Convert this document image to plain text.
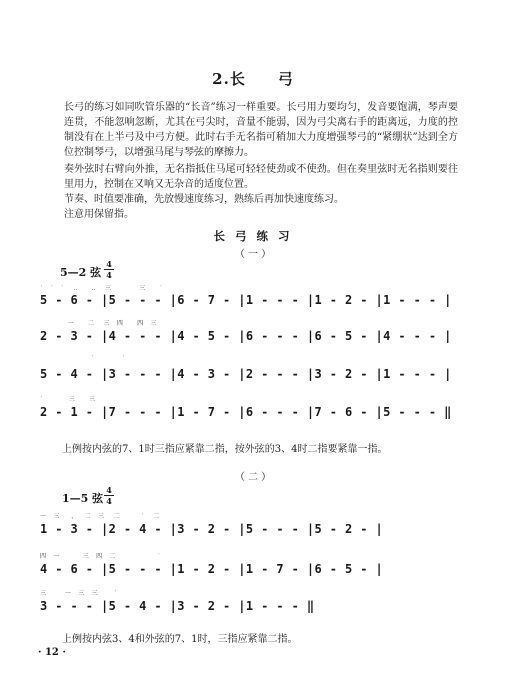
2.长　　弓
长弓的练习如同吹管乐器的“长音”练习一样重要。长弓用力要均匀，发音要饱满，琴声要连贯，不能忽响忽断，尤其在弓尖时，音量不能弱，因为弓尖离右手的距离远，力度的控制没有在上半弓及中弓方便。此时右手无名指可稍加大力度增强琴弓的“紧绷状”达到全方位控制琴弓，以增强马尾与琴弦的摩擦力。
奏外弦时右臂向外推，无名指抵住马尾可轻轻使劲或不使劲。但在奏里弦时无名指则要往里用力，控制在又响又无杂音的适度位置。
节奏、时值要准确，先放慢速度练习，熟练后再加快速度练习。
注意用保留指。
长 弓 练 习
（ 一 ）
5—2 弦
4
4
˙   ˙   ˙    ‥      ‥    三            三      ˙
5 - 6 - |5 - - - |6 - 7 - |1 - - - |1 - 2 - |1 - - - |
一      二    三   四      四   三
2 - 3 - |4 - - - |4 - 5 - |6 - - - |6 - 5 - |4 - - - |
˙            ˙
5 - 4 - |3 - - - |4 - 3 - |2 - - - |3 - 2 - |1 - - - |
˙           三      三
2 - 1 - |7 - - - |1 - 7 - |6 - - - |7 - 6 - |5 - - - ‖
上例按内弦的7、1时三指应紧靠二指，按外弦的3、4时二指要紧靠一指。
（ 二 ）
1—5 弦
4
4
一   三     、   二   三    二         ˙    二
1 - 3 - |2 - 4 - |3 - 2 - |5 - - - |5 - 2 - |
四   一          三   四   二                  ˙
4 - 6 - |5 - - - |1 - 2 - |1 - 7 - |6 - 5 - |
三        一   三   三       ˙
3 - - - |5 - 4 - |3 - 2 - |1 - - - ‖
上例按内弦3、4和外弦的7、1时，三指应紧靠二指。
· 12 ·
